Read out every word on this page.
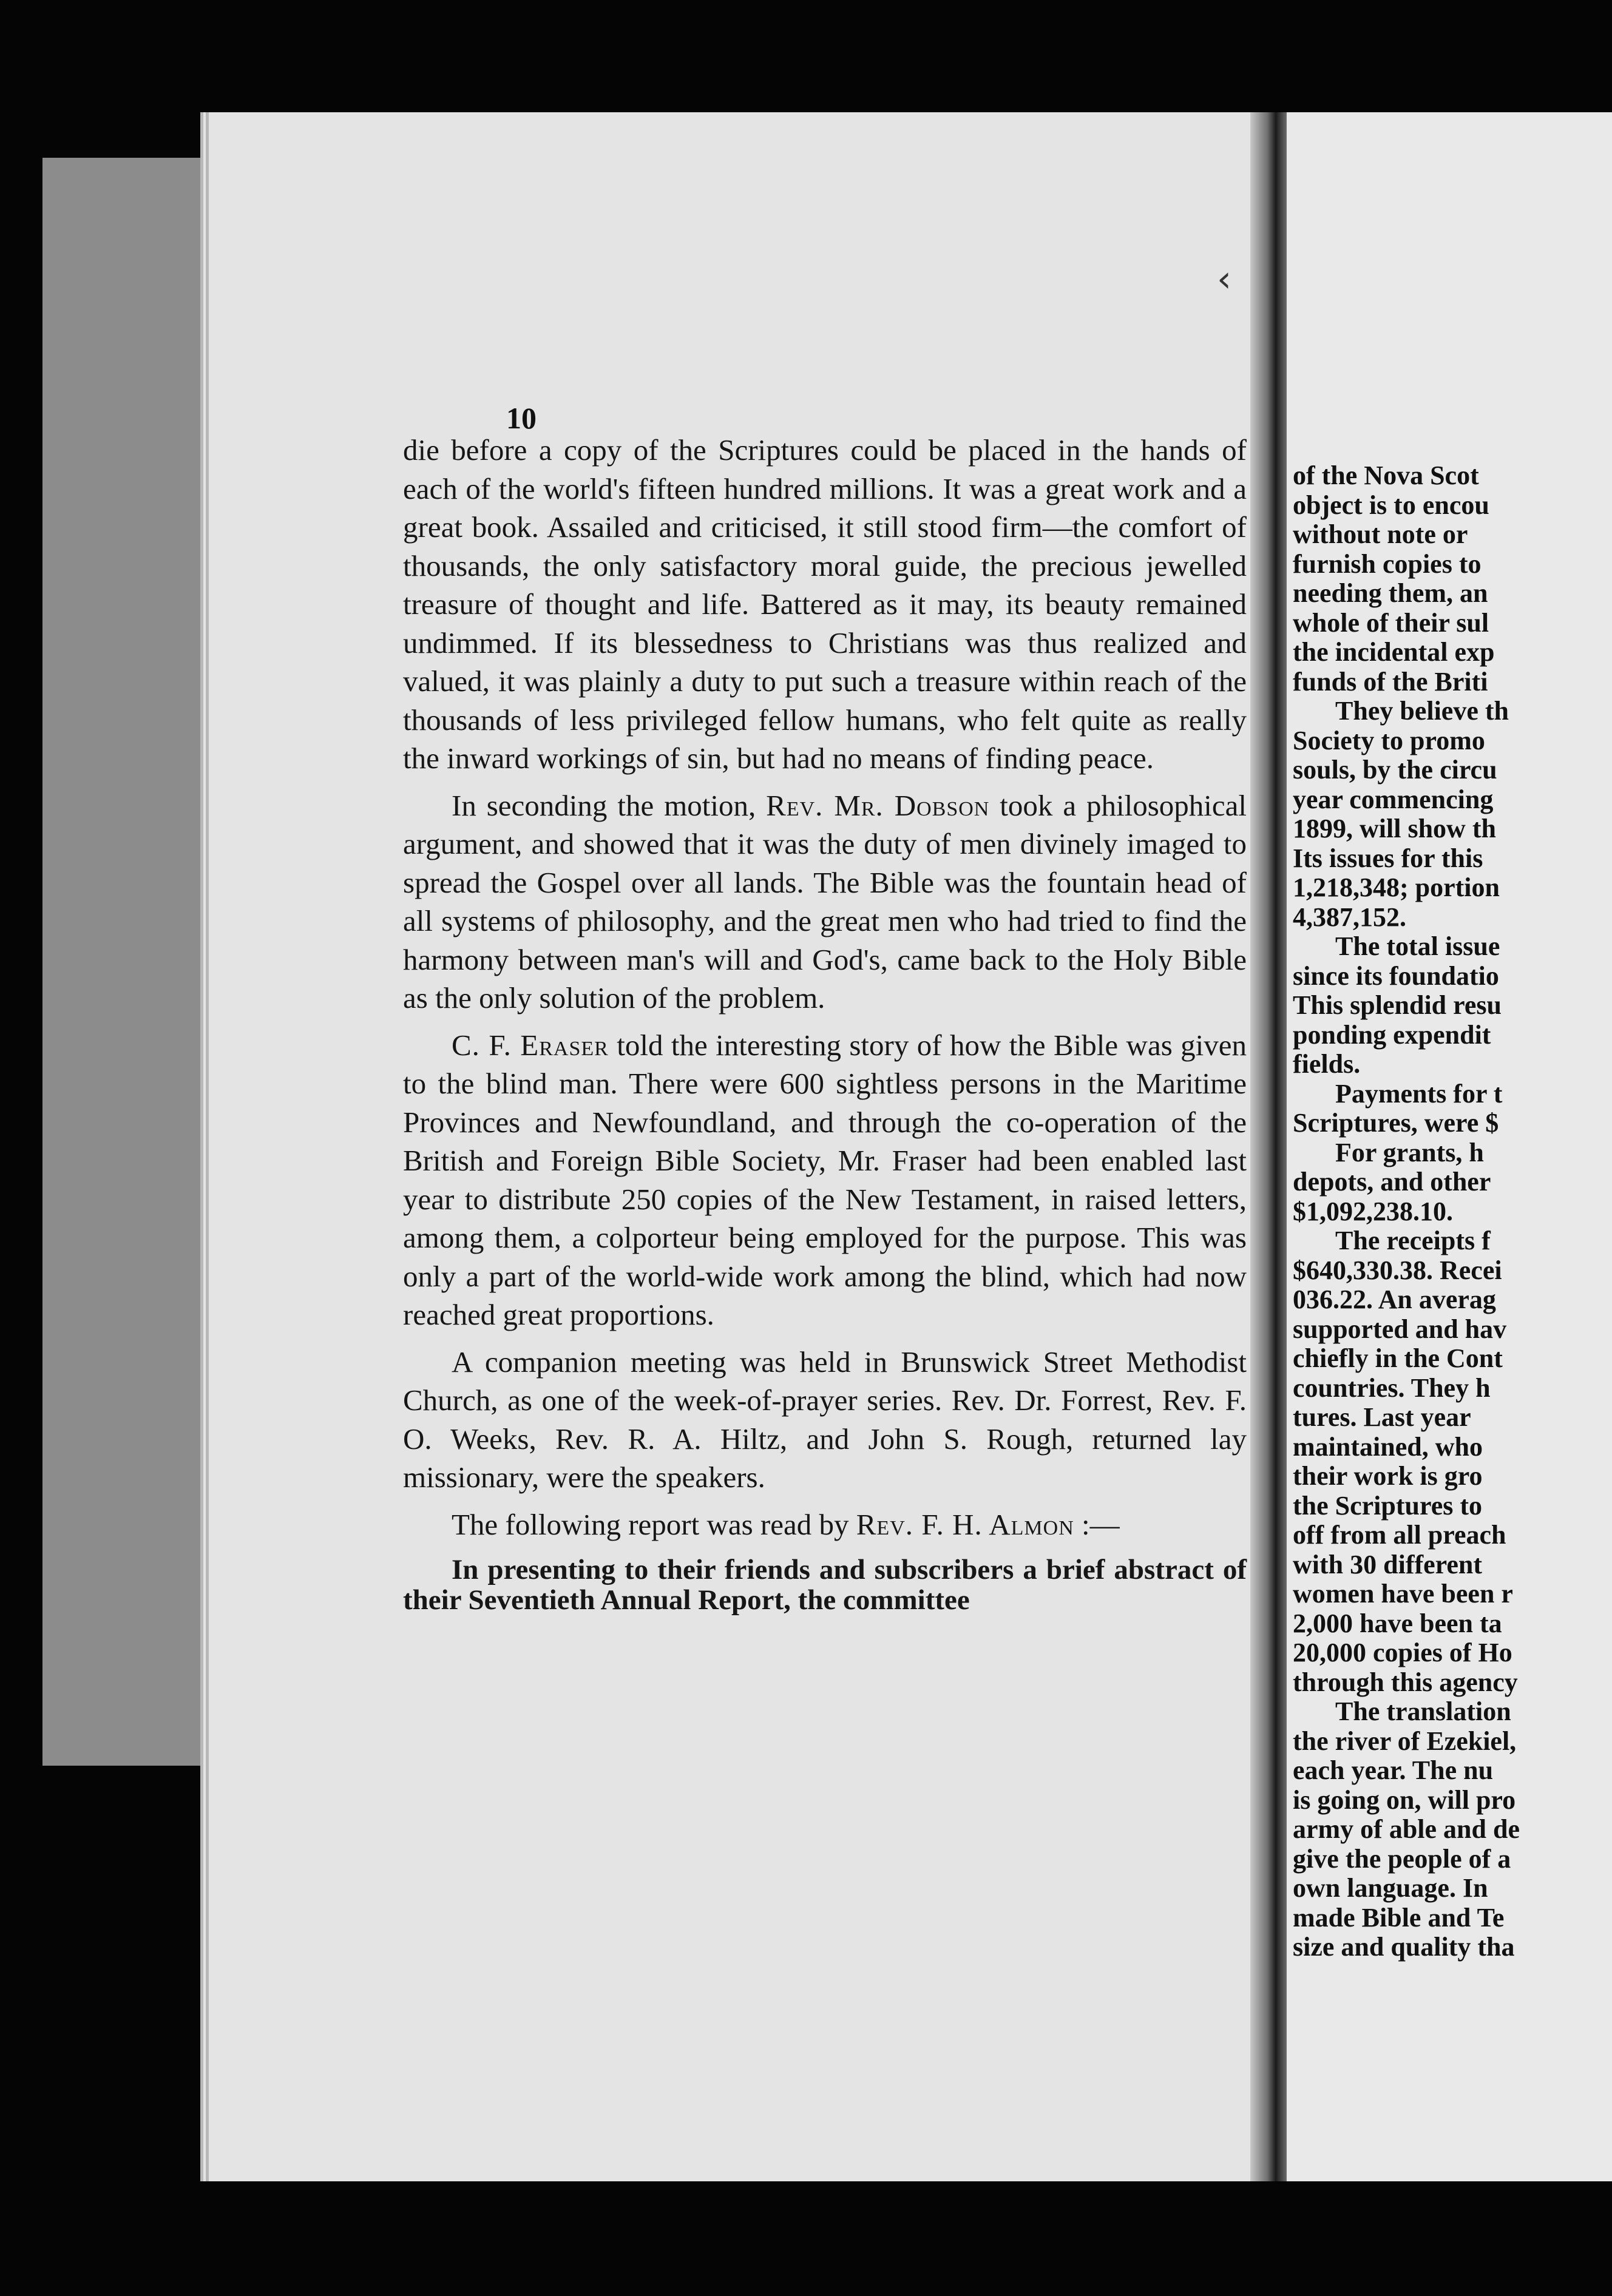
10

die before a copy of the Scriptures could be placed in the hands of each of the world's fifteen hundred millions. It was a great work and a great book. Assailed and criticised, it still stood firm—the comfort of thousands, the only satisfactory moral guide, the precious jewelled treasure of thought and life. Battered as it may, its beauty remained undimmed. If its blessedness to Christians was thus realized and valued, it was plainly a duty to put such a treasure within reach of the thousands of less privileged fellow humans, who felt quite as really the inward workings of sin, but had no means of finding peace.

In seconding the motion, Rev. Mr. Dobson took a philosophical argument, and showed that it was the duty of men divinely imaged to spread the Gospel over all lands. The Bible was the fountain head of all systems of philosophy, and the great men who had tried to find the harmony between man's will and God's, came back to the Holy Bible as the only solution of the problem.

C. F. Eraser told the interesting story of how the Bible was given to the blind man. There were 600 sightless persons in the Maritime Provinces and Newfoundland, and through the co-operation of the British and Foreign Bible Society, Mr. Fraser had been enabled last year to distribute 250 copies of the New Testament, in raised letters, among them, a colporteur being employed for the purpose. This was only a part of the world-wide work among the blind, which had now reached great proportions.

A companion meeting was held in Brunswick Street Methodist Church, as one of the week-of-prayer series. Rev. Dr. Forrest, Rev. F. O. Weeks, Rev. R. A. Hiltz, and John S. Rough, returned lay missionary, were the speakers.

The following report was read by Rev. F. H. Almon :—

In presenting to their friends and subscribers a brief abstract of their Seventieth Annual Report, the committee

of the Nova Scot
object is to encou
without note or
furnish copies to
needing them, an
whole of their sul
the incidental exp
funds of the Briti
They believe th
Society to promo
souls, by the circu
year commencing
1899, will show th
Its issues for this
1,218,348; portion
4,387,152.
The total issue
since its foundatio
This splendid resu
ponding expendit
fields.
Payments for t
Scriptures, were $
For grants, h
depots, and other
$1,092,238.10.
The receipts f
$640,330.38. Recei
036.22. An averag
supported and hav
chiefly in the Cont
countries. They h
tures. Last year
maintained, who
their work is gro
the Scriptures to
off from all preach
with 30 different
women have been r
2,000 have been ta
20,000 copies of Ho
through this agency
The translation
the river of Ezekiel,
each year. The nu
is going on, will pro
army of able and de
give the people of a
own language. In
made Bible and Te
size and quality tha
‹
